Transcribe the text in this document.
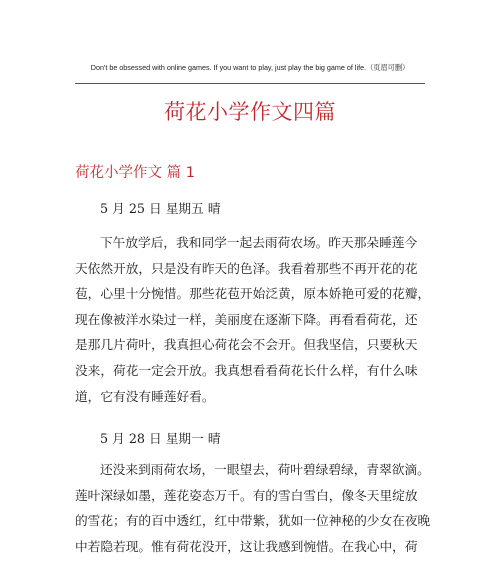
Don't be obsessed with online games. If you want to play, just play the big game of life.（页眉可删）
荷花小学作文四篇
荷花小学作文 篇 1
5 月 25 日 星期五 晴

下午放学后，我和同学一起去雨荷农场。昨天那朵睡莲今

天依然开放，只是没有昨天的色泽。我看着那些不再开花的花

苞，心里十分惋惜。那些花苞开始泛黄，原本娇艳可爱的花瓣，

现在像被洋水染过一样，美丽度在逐渐下降。再看看荷花，还

是那几片荷叶，我真担心荷花会不会开。但我坚信，只要秋天

没来，荷花一定会开放。我真想看看荷花长什么样，有什么味

道，它有没有睡莲好看。

5 月 28 日 星期一 晴

还没来到雨荷农场，一眼望去，荷叶碧绿碧绿，青翠欲滴。

莲叶深绿如墨，莲花姿态万千。有的雪白雪白，像冬天里绽放

的雪花；有的百中透红，红中带紫，犹如一位神秘的少女在夜晚

中若隐若现。惟有荷花没开，这让我感到惋惜。在我心中，荷
